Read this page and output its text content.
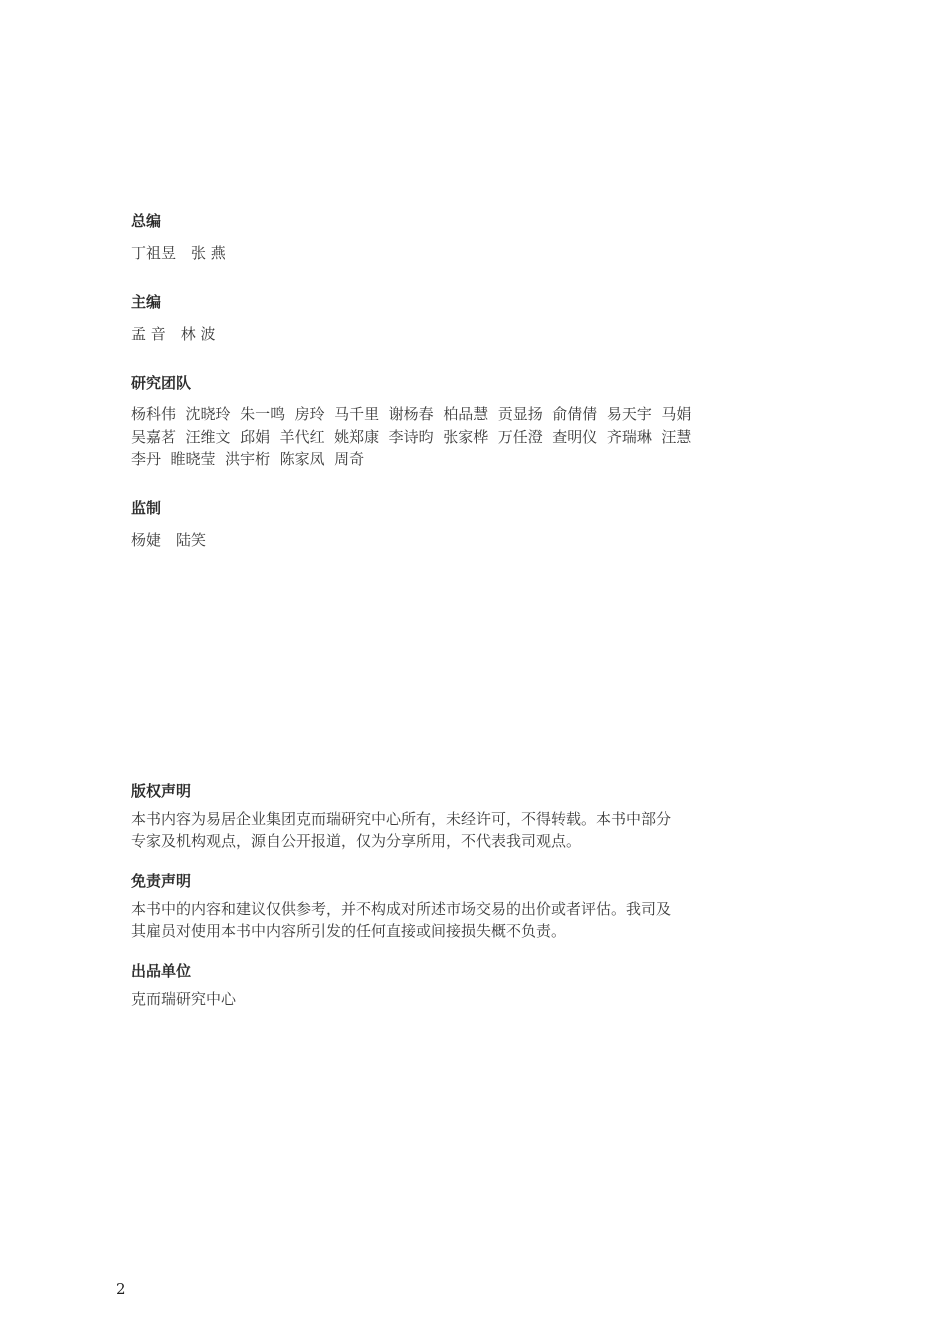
总编

丁祖昱　张 燕

主编

孟 音　林 波

研究团队

杨科伟  沈晓玲  朱一鸣  房玲  马千里  谢杨春  柏品慧  贡显扬  俞倩倩  易天宇  马娟

吴嘉茗  汪维文  邱娟  羊代红  姚郑康  李诗昀  张家桦  万任澄  查明仪  齐瑞琳  汪慧

李丹  睢晓莹  洪宇桁  陈家凤  周奇

监制

杨婕　陆笑

版权声明

本书内容为易居企业集团克而瑞研究中心所有，未经许可，不得转载。本书中部分

专家及机构观点，源自公开报道，仅为分享所用，不代表我司观点。

免责声明

本书中的内容和建议仅供参考，并不构成对所述市场交易的出价或者评估。我司及

其雇员对使用本书中内容所引发的任何直接或间接损失概不负责。

出品单位

克而瑞研究中心

2
